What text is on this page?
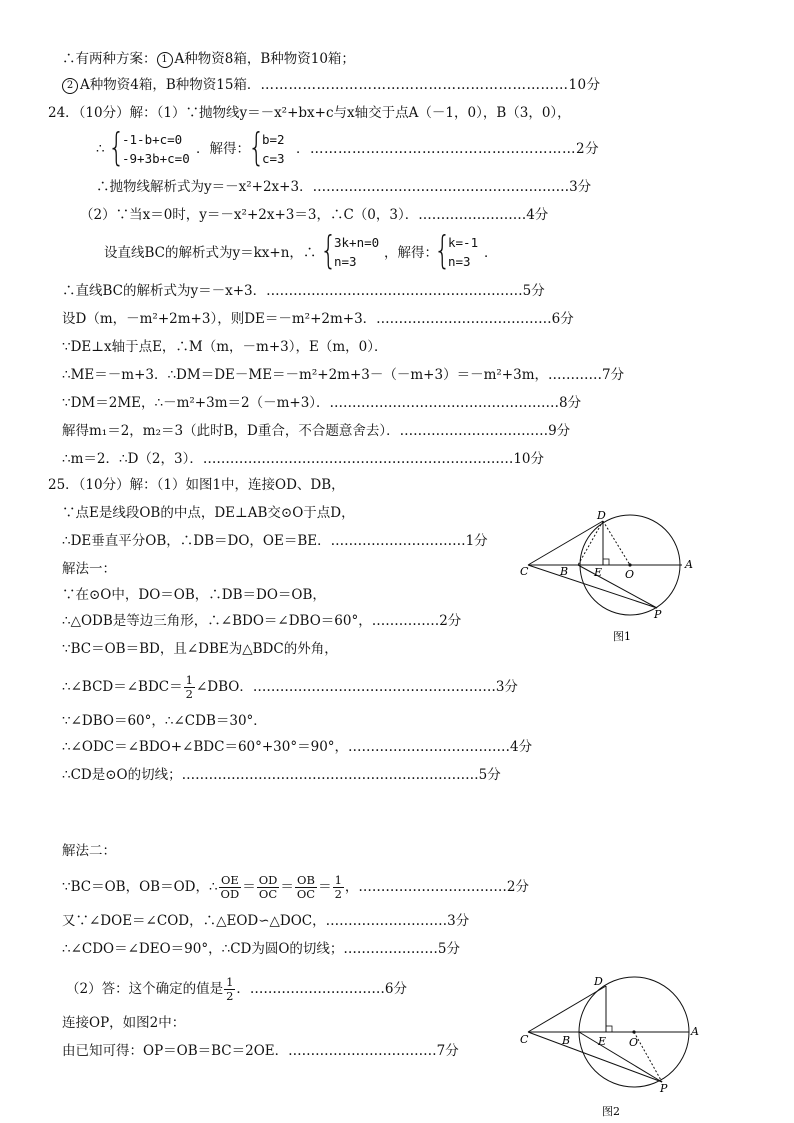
∴有两种方案： 1 A种物资8箱，B种物资10箱；
2 A种物资4箱，B种物资15箱．…………………………………………………………10分
24．（10分）解：（1）∵抛物线y＝－x²+bx+c与x轴交于点A（－1，0），B（3，0），
∴ {
-1-b+c=0
-9+3b+c=0
．解得：
{
b=2
c=3
．…………………………………………………2分
∴抛物线解析式为y＝－x²+2x+3．…………………………………………………3分
（2）∵当x＝0时，y＝－x²+2x+3＝3，∴C（0，3）．……………………4分
设直线BC的解析式为y＝kx+n，∴ {
3k+n=0
n=3
，解得：
{
k=-1
n=3
．
∴直线BC的解析式为y＝－x+3．…………………………………………………5分
设D（m，－m²+2m+3），则DE＝－m²+2m+3．…………………………………6分
∵DE⊥x轴于点E，∴M（m，－m+3），E（m，0）．
∴ME＝－m+3．∴DM＝DE－ME＝－m²+2m+3－（－m+3）＝－m²+3m，…………7分
∵DM＝2ME，∴－m²+3m＝2（－m+3）．……………………………………………8分
解得m₁＝2，m₂＝3（此时B，D重合，不合题意舍去）．……………………………9分
∴m＝2．∴D（2，3）．……………………………………………………………10分
25．（10分）解：（1）如图1中，连接OD、DB，
∵点E是线段OB的中点，DE⊥AB交⊙O于点D，
∴DE垂直平分OB，∴DB＝DO，OE＝BE．…………………………1分
解法一：
∵在⊙O中，DO＝OB，∴DB＝DO＝OB，
∴△ODB是等边三角形，∴∠BDO＝∠DBO＝60°，……………2分
∵BC＝OB＝BD，且∠DBE为△BDC的外角，
∴∠BCD＝∠BDC＝ $\frac{1}{2}$ ∠DBO．………………………………………………3分
∵∠DBO＝60°，∴∠CDB＝30°．
∴∠ODC＝∠BDO+∠BDC＝60°+30°＝90°，………………………………4分
∴CD是⊙O的切线；…………………………………………………………5分
解法二：
∵BC＝OB，OB＝OD，∴ $\frac{OE}{OD} = \frac{OD}{OC} = \frac{OB}{OC} = \frac{1}{2}$ ，……………………………2分
又∵∠DOE＝∠COD，∴△EOD∽△DOC，………………………3分
∴∠CDO＝∠DEO＝90°，∴CD为圆O的切线；…………………5分
（2）答：这个确定的值是 $\frac{1}{2}$ ．…………………………6分
连接OP，如图2中：
由已知可得：OP＝OB＝BC＝2OE．……………………………7分
D
C	B E O
A
P
图1
D
C	B	E O
A
P
图2
